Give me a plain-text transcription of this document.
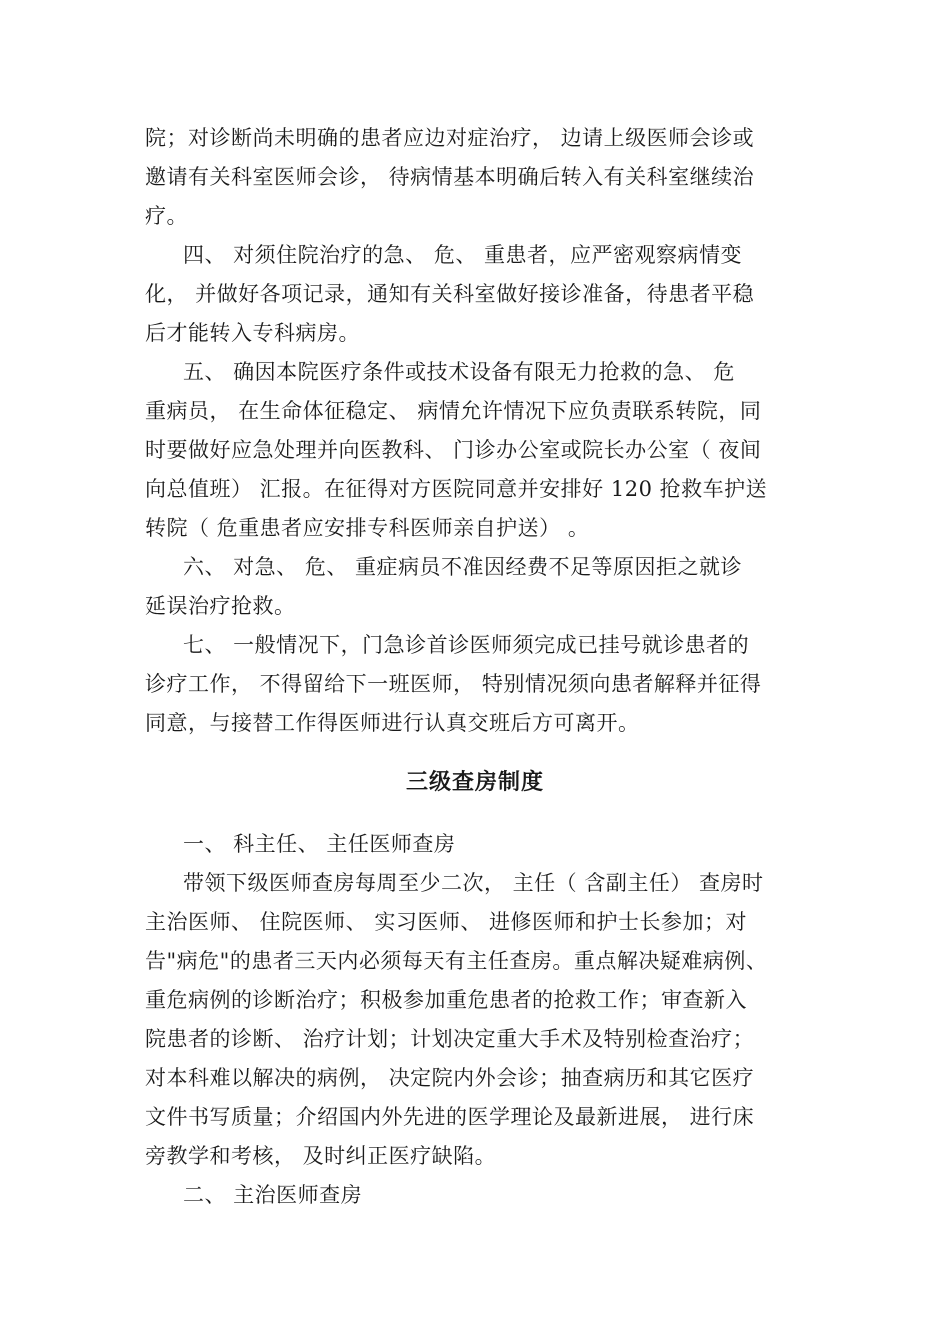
院；对诊断尚未明确的患者应边对症治疗， 边请上级医师会诊或
邀请有关科室医师会诊， 待病情基本明确后转入有关科室继续治
疗。
四、 对须住院治疗的急、 危、 重患者，应严密观察病情变
化， 并做好各项记录，通知有关科室做好接诊准备，待患者平稳
后才能转入专科病房。
五、 确因本院医疗条件或技术设备有限无力抢救的急、 危
重病员， 在生命体征稳定、 病情允许情况下应负责联系转院，同
时要做好应急处理并向医教科、 门诊办公室或院长办公室（ 夜间
向总值班） 汇报。在征得对方医院同意并安排好 120 抢救车护送
转院（ 危重患者应安排专科医师亲自护送） 。
六、 对急、 危、 重症病员不准因经费不足等原因拒之就诊
延误治疗抢救。
七、 一般情况下，门急诊首诊医师须完成已挂号就诊患者的
诊疗工作， 不得留给下一班医师， 特别情况须向患者解释并征得
同意，与接替工作得医师进行认真交班后方可离开。
三级查房制度
一、 科主任、 主任医师查房
带领下级医师查房每周至少二次， 主任（ 含副主任） 查房时
主治医师、 住院医师、 实习医师、 进修医师和护士长参加；对
告"病危"的患者三天内必须每天有主任查房。重点解决疑难病例、
重危病例的诊断治疗；积极参加重危患者的抢救工作；审查新入
院患者的诊断、 治疗计划；计划决定重大手术及特别检查治疗；
对本科难以解决的病例， 决定院内外会诊；抽查病历和其它医疗
文件书写质量；介绍国内外先进的医学理论及最新进展， 进行床
旁教学和考核， 及时纠正医疗缺陷。
二、 主治医师查房
